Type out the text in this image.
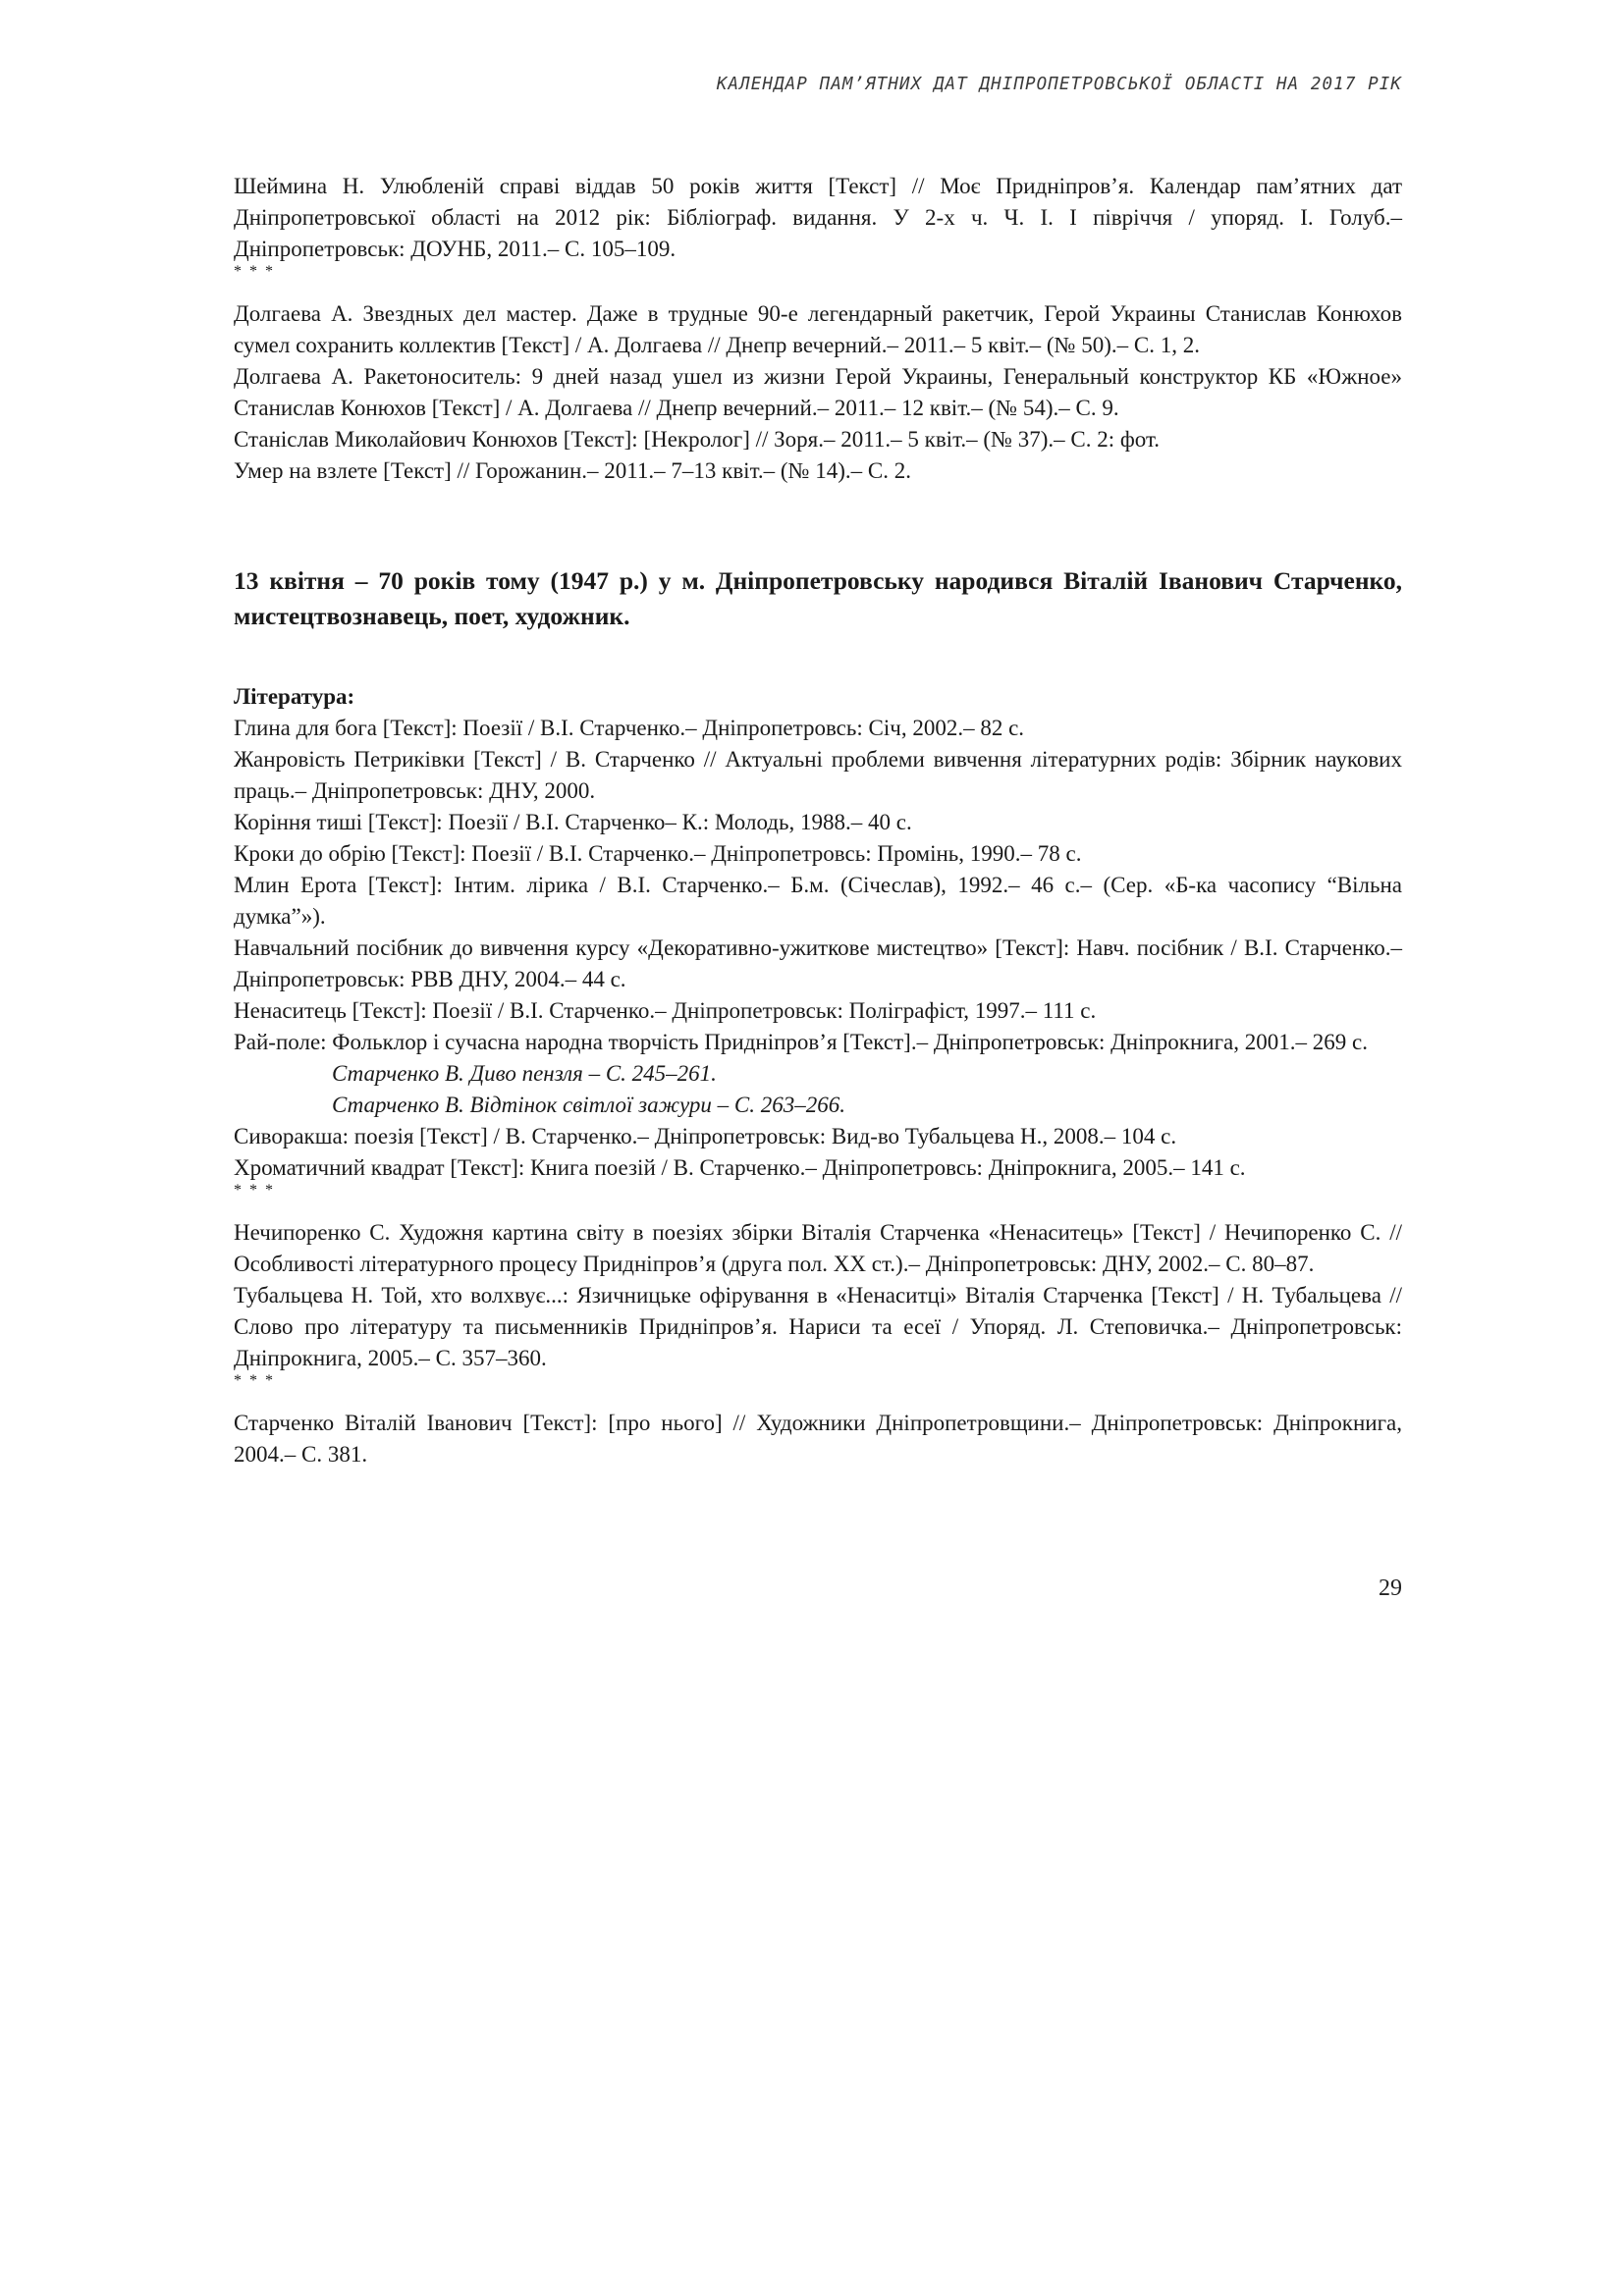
КАЛЕНДАР ПАМ’ЯТНИХ ДАТ ДНІПРОПЕТРОВСЬКОЇ ОБЛАСТІ НА 2017 РІК

Шеймина Н. Улюбленій справі віддав 50 років життя [Текст] // Моє Придніпров’я. Календар пам’ятних дат Дніпропетровської області на 2012 рік: Бібліограф. видання. У 2-х ч. Ч. І. І півріччя / упоряд. І. Голуб.– Дніпропетровськ: ДОУНБ, 2011.– С. 105–109.

* * *

Долгаева А. Звездных дел мастер. Даже в трудные 90-е легендарный ракетчик, Герой Украины Станислав Конюхов сумел сохранить коллектив [Текст] / А. Долгаева // Днепр вечерний.– 2011.– 5 квіт.– (№ 50).– С. 1, 2.

Долгаева А. Ракетоноситель: 9 дней назад ушел из жизни Герой Украины, Генеральный конструктор КБ «Южное» Станислав Конюхов [Текст] / А. Долгаева // Днепр вечерний.– 2011.– 12 квіт.– (№ 54).– С. 9.

Станіслав Миколайович Конюхов [Текст]: [Некролог] // Зоря.– 2011.– 5 квіт.– (№ 37).– С. 2: фот.

Умер на взлете [Текст] // Горожанин.– 2011.– 7–13 квіт.– (№ 14).– С. 2.

13 квітня – 70 років тому (1947 р.) у м. Дніпропетровську народився Віталій Іванович Старченко, мистецтвознавець, поет, художник.

Література:

Глина для бога [Текст]: Поезії / В.І. Старченко.– Дніпропетровсь: Січ, 2002.– 82 с.

Жанровість Петриківки [Текст] / В. Старченко // Актуальні проблеми вивчення літературних родів: Збірник наукових праць.– Дніпропетровськ: ДНУ, 2000.

Коріння тиші [Текст]: Поезії / В.І. Старченко– К.: Молодь, 1988.– 40 с.

Кроки до обрію [Текст]: Поезії / В.І. Старченко.– Дніпропетровсь: Промінь, 1990.– 78 с.

Млин Ерота [Текст]: Інтим. лірика / В.І. Старченко.– Б.м. (Січеслав), 1992.– 46 с.– (Сер. «Б-ка часопису “Вільна думка”»).

Навчальний посібник до вивчення курсу «Декоративно-ужиткове мистецтво» [Текст]: Навч. посібник / В.І. Старченко.– Дніпропетровськ: РВВ ДНУ, 2004.– 44 с.

Ненаситець [Текст]: Поезії / В.І. Старченко.– Дніпропетровськ: Поліграфіст, 1997.– 111 с.

Рай-поле: Фольклор і сучасна народна творчість Придніпров’я [Текст].– Дніпропетровськ: Дніпрокнига, 2001.– 269 с.

Старченко В. Диво пензля – С. 245–261.

Старченко В. Відтінок світлої зажури – С. 263–266.

Сиворакша: поезія [Текст] / В. Старченко.– Дніпропетровськ: Вид-во Тубальцева Н., 2008.– 104 с.

Хроматичний квадрат [Текст]: Книга поезій / В. Старченко.– Дніпропетровсь: Дніпрокнига, 2005.– 141 с.

* * *

Нечипоренко С. Художня картина світу в поезіях збірки Віталія Старченка «Ненаситець» [Текст] / Нечипоренко С. // Особливості літературного процесу Придніпров’я (друга пол. ХХ ст.).– Дніпропетровськ: ДНУ, 2002.– С. 80–87.

Тубальцева Н. Той, хто волхвує...: Язичницьке офірування в «Ненаситці» Віталія Старченка [Текст] / Н. Тубальцева // Слово про літературу та письменників Придніпров’я. Нариси та есеї / Упоряд. Л. Степовичка.– Дніпропетровськ: Дніпрокнига, 2005.– С. 357–360.

* * *

Старченко Віталій Іванович [Текст]: [про нього] // Художники Дніпропетровщини.– Дніпропетровськ: Дніпрокнига, 2004.– С. 381.

29
